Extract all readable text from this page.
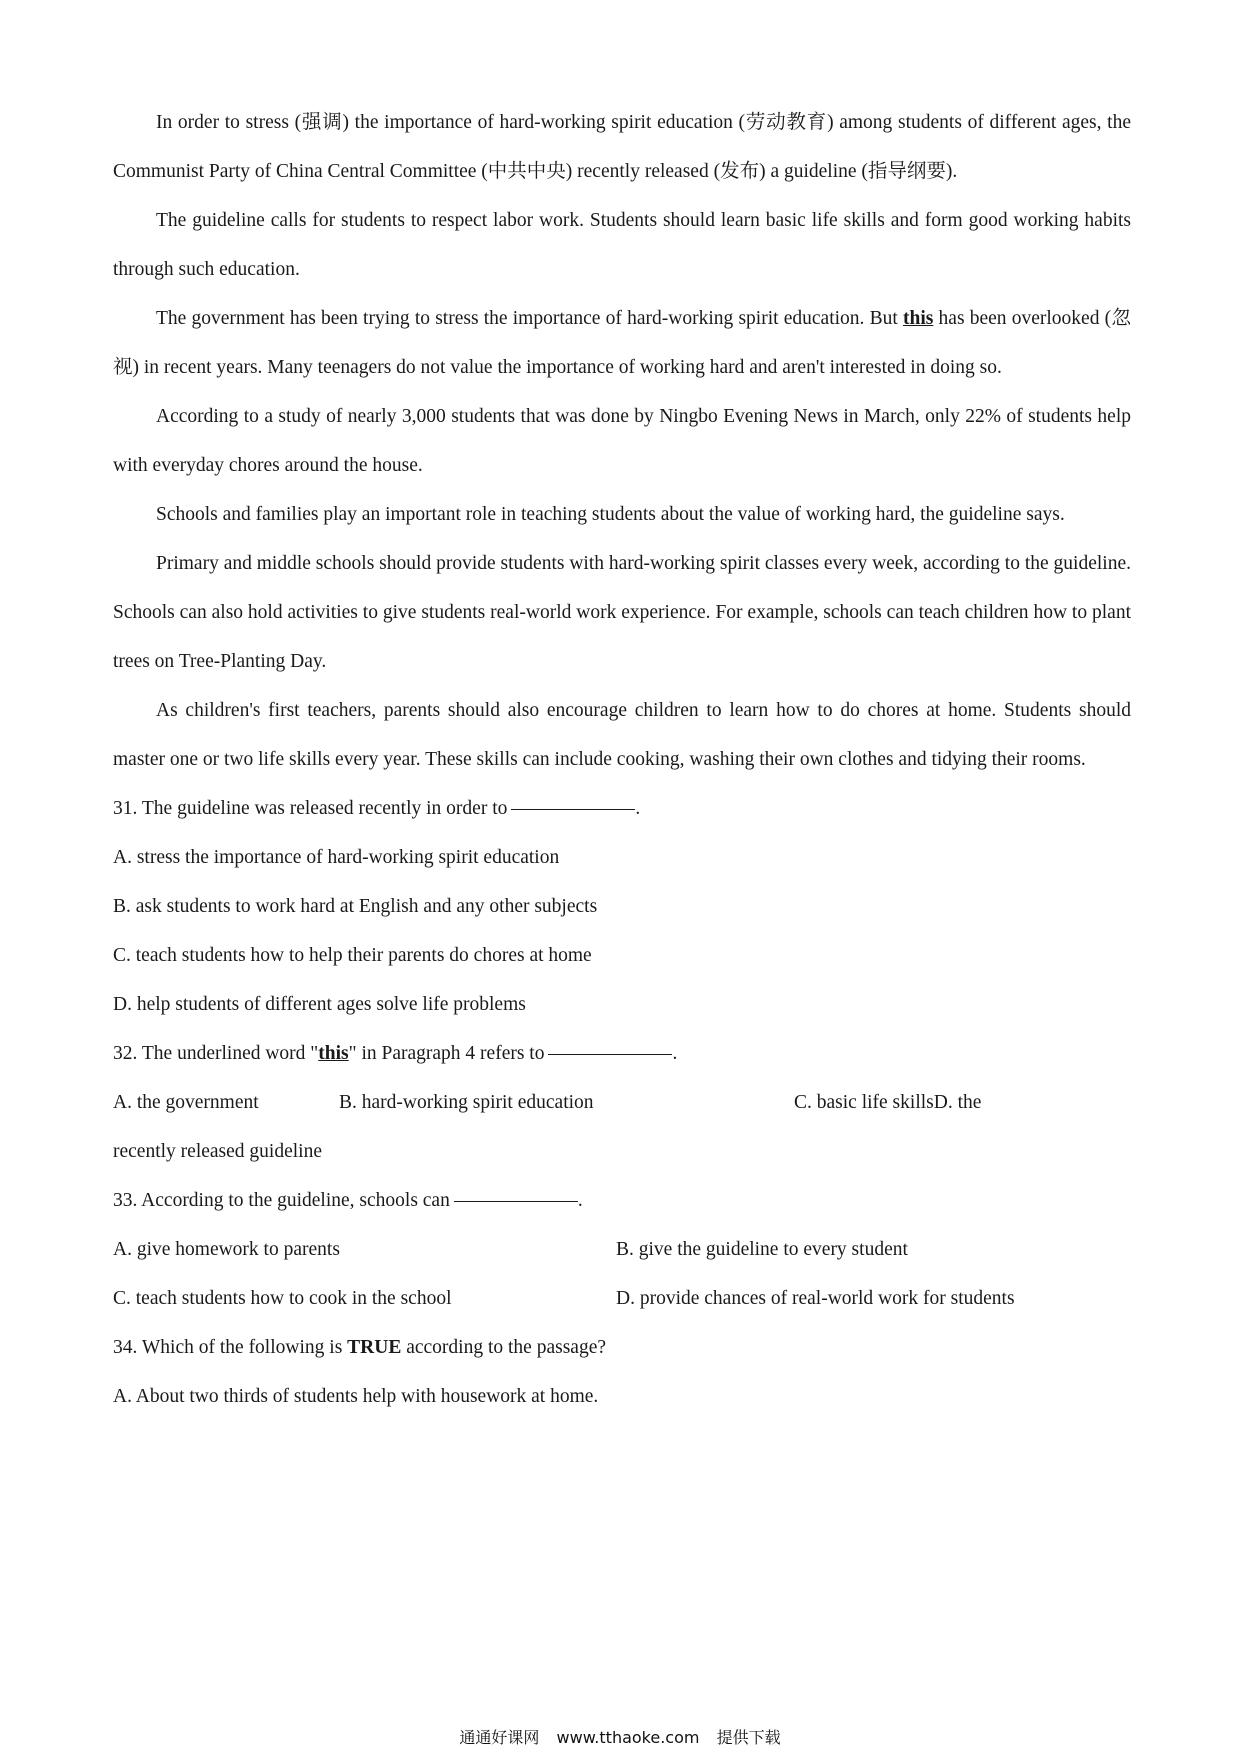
In order to stress (强调) the importance of hard-working spirit education (劳动教育) among students of different ages, the Communist Party of China Central Committee (中共中央) recently released (发布) a guideline (指导纲要).

The guideline calls for students to respect labor work. Students should learn basic life skills and form good working habits through such education.

The government has been trying to stress the importance of hard-working spirit education. But this has been overlooked (忽视) in recent years. Many teenagers do not value the importance of working hard and aren't interested in doing so.

According to a study of nearly 3,000 students that was done by Ningbo Evening News in March, only 22% of students help with everyday chores around the house.

Schools and families play an important role in teaching students about the value of working hard, the guideline says.

Primary and middle schools should provide students with hard-working spirit classes every week, according to the guideline. Schools can also hold activities to give students real-world work experience. For example, schools can teach children how to plant trees on Tree-Planting Day.

As children's first teachers, parents should also encourage children to learn how to do chores at home. Students should master one or two life skills every year. These skills can include cooking, washing their own clothes and tidying their rooms.

31. The guideline was released recently in order to	.

A. stress the importance of hard-working spirit education

B. ask students to work hard at English and any other subjects

C. teach students how to help their parents do chores at home

D. help students of different ages solve life problems

32. The underlined word "this" in Paragraph 4 refers to	.

A. the government	B. hard-working spirit education	C. basic life skillsD. the

recently released guideline

33. According to the guideline, schools can	.

A. give homework to parents	B. give the guideline to every student
C. teach students how to cook in the school	D. provide chances of real-world work for students

34. Which of the following is TRUE according to the passage?

A. About two thirds of students help with housework at home.

通通好课网 www.tthaoke.com 提供下载
